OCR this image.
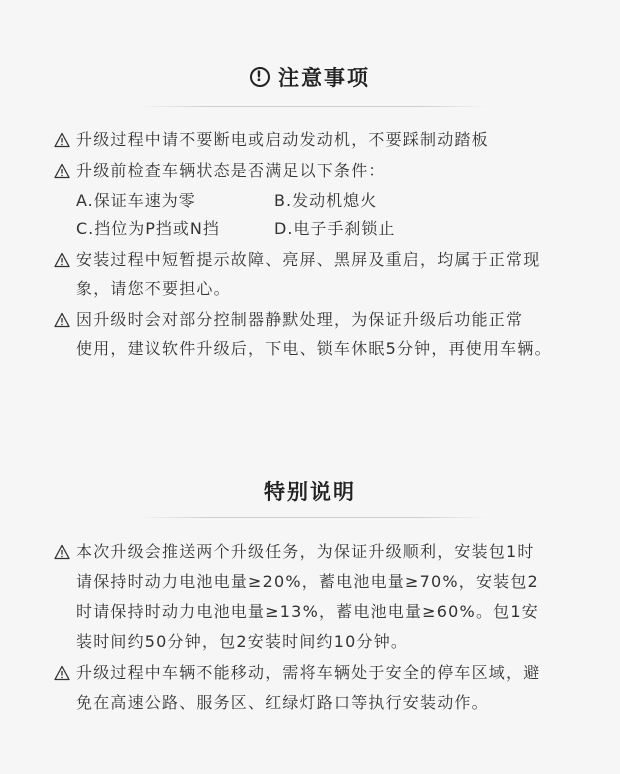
! 注意事项
升级过程中请不要断电或启动发动机，不要踩制动踏板
升级前检查车辆状态是否满足以下条件：
A.保证车速为零	B.发动机熄火
C.挡位为P挡或N挡	D.电子手刹锁止
安装过程中短暂提示故障、亮屏、黑屏及重启，均属于正常现
象，请您不要担心。
因升级时会对部分控制器静默处理，为保证升级后功能正常
使用，建议软件升级后，下电、锁车休眠5分钟，再使用车辆。
特别说明
本次升级会推送两个升级任务，为保证升级顺利，安装包1时
请保持时动力电池电量≥20%，蓄电池电量≥70%，安装包2
时请保持时动力电池电量≥13%，蓄电池电量≥60%。包1安
装时间约50分钟，包2安装时间约10分钟。
升级过程中车辆不能移动，需将车辆处于安全的停车区域，避
免在高速公路、服务区、红绿灯路口等执行安装动作。
